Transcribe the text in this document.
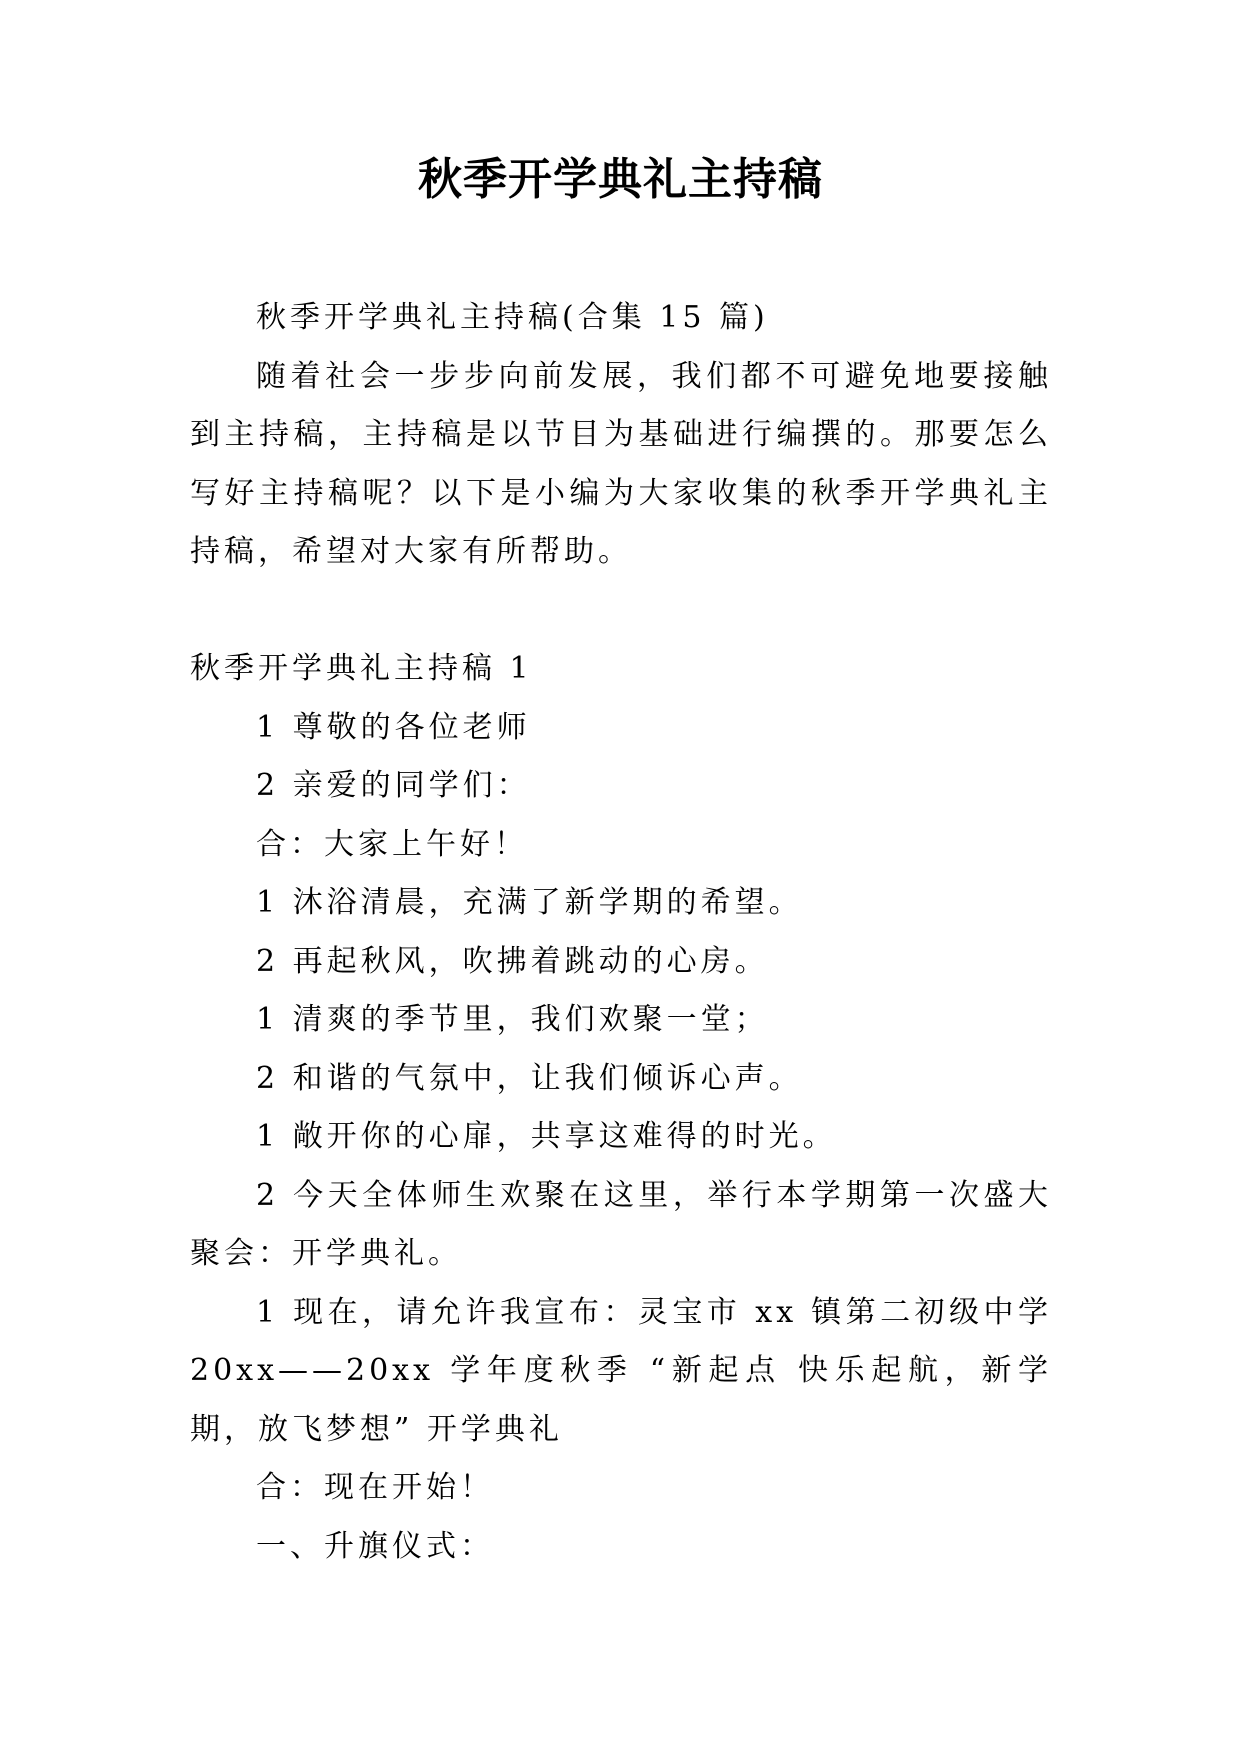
秋季开学典礼主持稿

秋季开学典礼主持稿(合集 15 篇)

随着社会一步步向前发展，我们都不可避免地要接触到主持稿，主持稿是以节目为基础进行编撰的。那要怎么写好主持稿呢？以下是小编为大家收集的秋季开学典礼主持稿，希望对大家有所帮助。

秋季开学典礼主持稿 1

1 尊敬的各位老师

2 亲爱的同学们：

合：大家上午好！

1 沐浴清晨，充满了新学期的希望。

2 再起秋风，吹拂着跳动的心房。

1 清爽的季节里，我们欢聚一堂；

2 和谐的气氛中，让我们倾诉心声。

1 敞开你的心扉，共享这难得的时光。

2 今天全体师生欢聚在这里，举行本学期第一次盛大聚会：开学典礼。

1 现在，请允许我宣布：灵宝市 xx 镇第二初级中学 20xx——20xx 学年度秋季 “新起点 快乐起航，新学期，放飞梦想” 开学典礼

合：现在开始！

一、升旗仪式：
